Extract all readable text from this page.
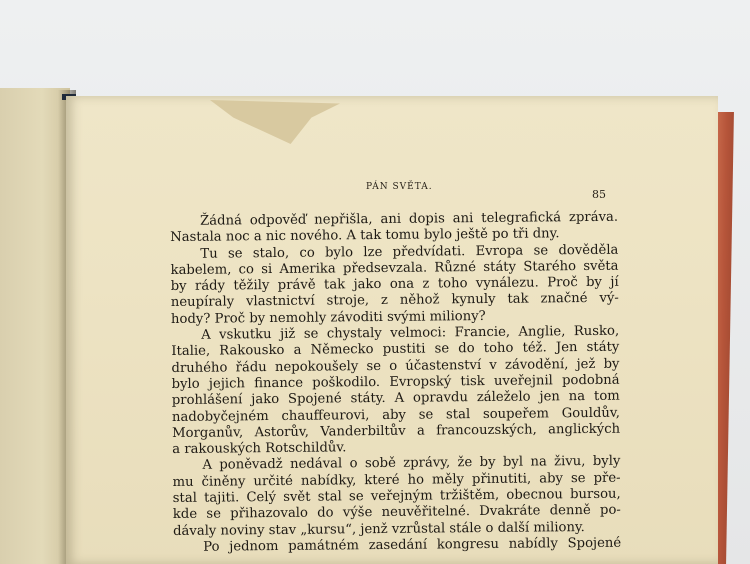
PÁN SVĚTA.
85
Žádná odpověď nepřišla, ani dopis ani telegrafická zpráva.
Nastala noc a nic nového. A tak tomu bylo ještě po tři dny.
Tu se stalo, co bylo lze předvídati. Evropa se dověděla
kabelem, co si Amerika předsevzala. Různé státy Starého světa
by rády těžily právě tak jako ona z toho vynálezu. Proč by jí
neupíraly vlastnictví stroje, z něhož kynuly tak značné vý-
hody? Proč by nemohly závoditi svými miliony?
A vskutku již se chystaly velmoci: Francie, Anglie, Rusko,
Italie, Rakousko a Německo pustiti se do toho též. Jen státy
druhého řádu nepokoušely se o účastenství v závodění, jež by
bylo jejich finance poškodilo. Evropský tisk uveřejnil podobná
prohlášení jako Spojené státy. A opravdu záleželo jen na tom
nadobyčejném chauffeurovi, aby se stal soupeřem Gouldův,
Morganův, Astorův, Vanderbiltův a francouzských, anglických
a rakouských Rotschildův.
A poněvadž nedával o sobě zprávy, že by byl na živu, byly
mu činěny určité nabídky, které ho měly přinutiti, aby se pře-
stal tajiti. Celý svět stal se veřejným tržištěm, obecnou bursou,
kde se přihazovalo do výše neuvěřitelné. Dvakráte denně po-
dávaly noviny stav „kursu“, jenž vzrůstal stále o další miliony.
Po jednom památném zasedání kongresu nabídly Spojené
